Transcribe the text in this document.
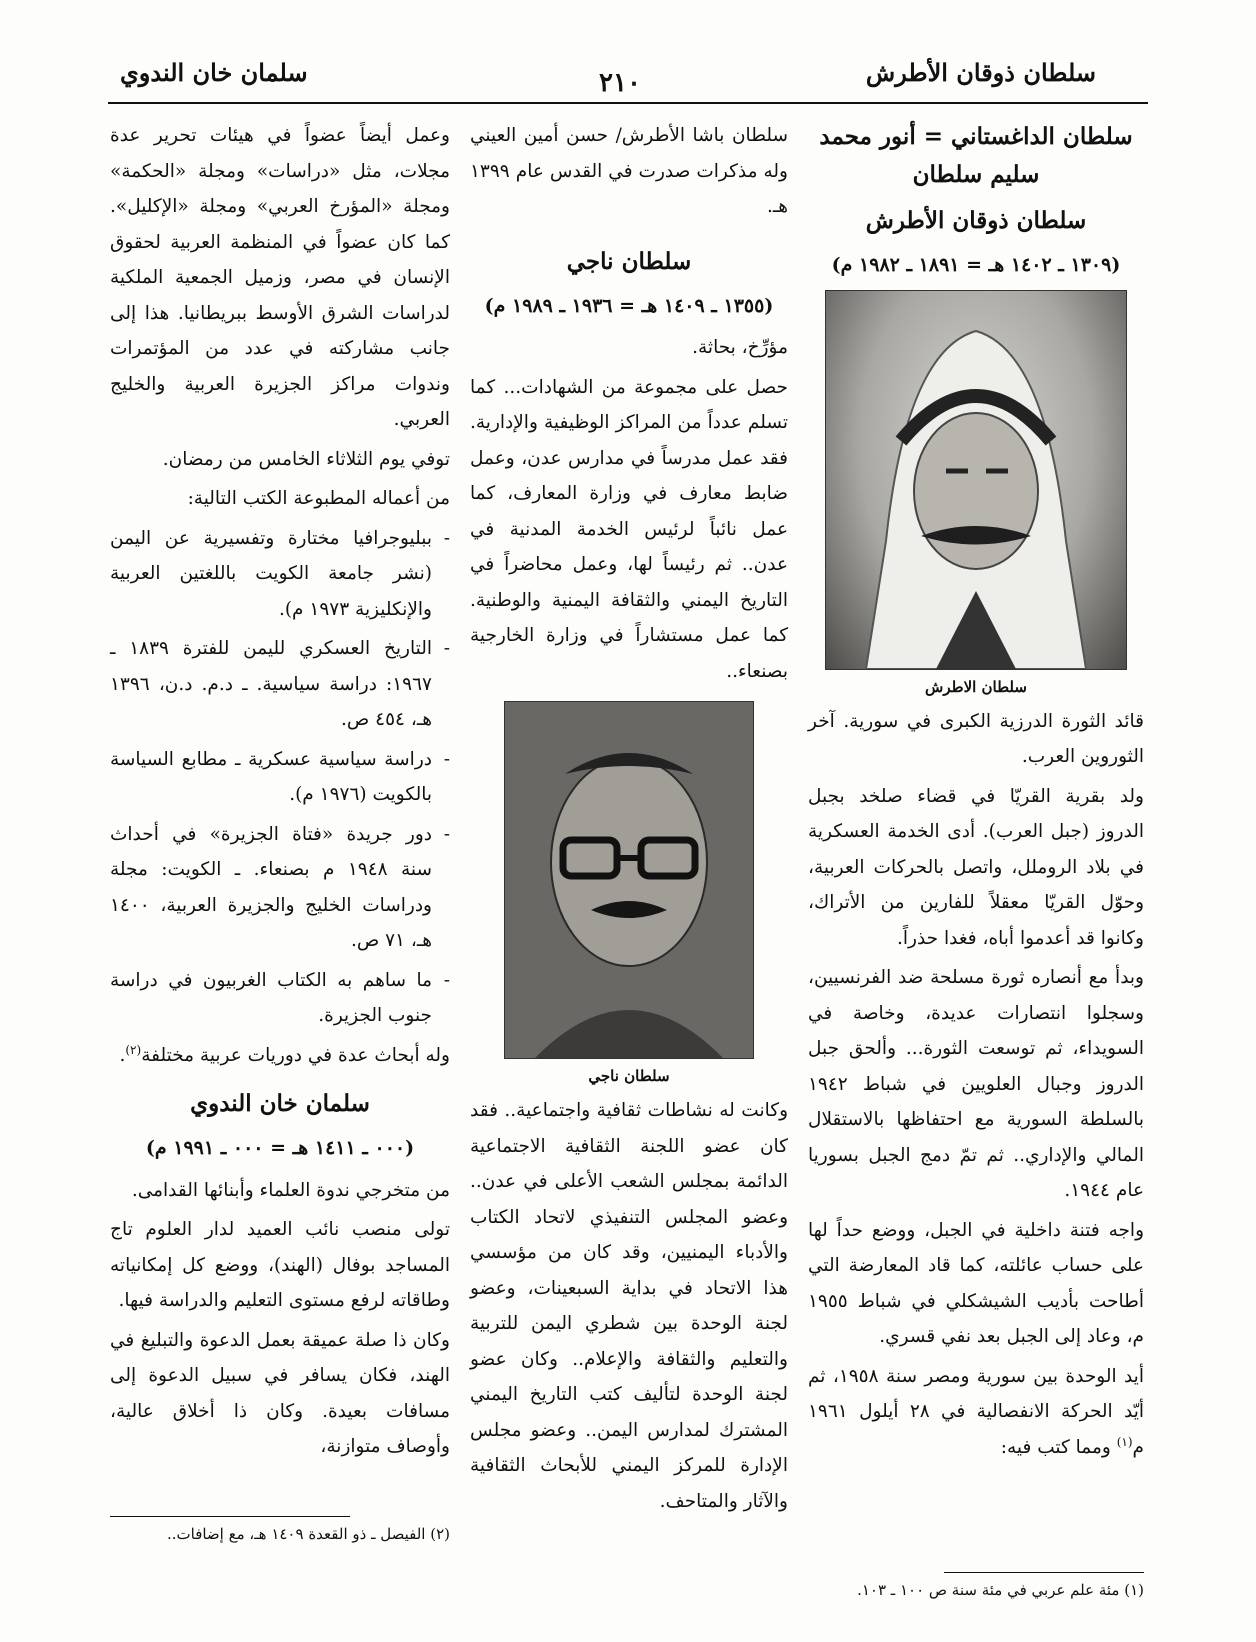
سلطان ذوقان الأطرش
٢١٠
سلمان خان الندوي
سلطان الداغستاني = أنور محمد سليم سلطان
سلطان ذوقان الأطرش
(١٣٠٩ ـ ١٤٠٢ هـ = ١٨٩١ ـ ١٩٨٢ م)
سلطان الاطرش

قائد الثورة الدرزية الكبرى في سورية. آخر الثوروين العرب.

ولد بقرية القريّا في قضاء صلخد بجبل الدروز (جبل العرب). أدى الخدمة العسكرية في بلاد الروملل، واتصل بالحركات العربية، وحوّل القريّا معقلاً للفارين من الأتراك، وكانوا قد أعدموا أباه، فغدا حذراً.

وبدأ مع أنصاره ثورة مسلحة ضد الفرنسيين، وسجلوا انتصارات عديدة، وخاصة في السويداء، ثم توسعت الثورة... وألحق جبل الدروز وجبال العلويين في شباط ١٩٤٢ بالسلطة السورية مع احتفاظها بالاستقلال المالي والإداري.. ثم تمّ دمج الجبل بسوريا عام ١٩٤٤.

واجه فتنة داخلية في الجبل، ووضع حداً لها على حساب عائلته، كما قاد المعارضة التي أطاحت بأديب الشيشكلي في شباط ١٩٥٥ م، وعاد إلى الجبل بعد نفي قسري.

أيد الوحدة بين سورية ومصر سنة ١٩٥٨، ثم أيّد الحركة الانفصالية في ٢٨ أيلول ١٩٦١ م$^{(١)}$ ومما كتب فيه:

(١) مئة علم عربي في مئة سنة ص ١٠٠ ـ ١٠٣.

سلطان باشا الأطرش/ حسن أمين العيني وله مذكرات صدرت في القدس عام ١٣٩٩ هـ.

سلطان ناجي
(١٣٥٥ ـ ١٤٠٩ هـ = ١٩٣٦ ـ ١٩٨٩ م)

مؤرِّخ، بحاثة.

حصل على مجموعة من الشهادات... كما تسلم عدداً من المراكز الوظيفية والإدارية. فقد عمل مدرساً في مدارس عدن، وعمل ضابط معارف في وزارة المعارف، كما عمل نائباً لرئيس الخدمة المدنية في عدن.. ثم رئيساً لها، وعمل محاضراً في التاريخ اليمني والثقافة اليمنية والوطنية. كما عمل مستشاراً في وزارة الخارجية بصنعاء..

سلطان ناجي

وكانت له نشاطات ثقافية واجتماعية.. فقد كان عضو اللجنة الثقافية الاجتماعية الدائمة بمجلس الشعب الأعلى في عدن.. وعضو المجلس التنفيذي لاتحاد الكتاب والأدباء اليمنيين، وقد كان من مؤسسي هذا الاتحاد في بداية السبعينات، وعضو لجنة الوحدة بين شطري اليمن للتربية والتعليم والثقافة والإعلام.. وكان عضو لجنة الوحدة لتأليف كتب التاريخ اليمني المشترك لمدارس اليمن.. وعضو مجلس الإدارة للمركز اليمني للأبحاث الثقافية والآثار والمتاحف.

وعمل أيضاً عضواً في هيئات تحرير عدة مجلات، مثل «دراسات» ومجلة «الحكمة» ومجلة «المؤرخ العربي» ومجلة «الإكليل». كما كان عضواً في المنظمة العربية لحقوق الإنسان في مصر، وزميل الجمعية الملكية لدراسات الشرق الأوسط ببريطانيا. هذا إلى جانب مشاركته في عدد من المؤتمرات وندوات مراكز الجزيرة العربية والخليج العربي.

توفي يوم الثلاثاء الخامس من رمضان.

من أعماله المطبوعة الكتب التالية:

- ببليوجرافيا مختارة وتفسيرية عن اليمن (نشر جامعة الكويت باللغتين العربية والإنكليزية ١٩٧٣ م).
- التاريخ العسكري لليمن للفترة ١٨٣٩ ـ ١٩٦٧: دراسة سياسية. ـ د.م. د.ن، ١٣٩٦ هـ، ٤٥٤ ص.
- دراسة سياسية عسكرية ـ مطابع السياسة بالكويت (١٩٧٦ م).
- دور جريدة «فتاة الجزيرة» في أحداث سنة ١٩٤٨ م بصنعاء. ـ الكويت: مجلة ودراسات الخليج والجزيرة العربية، ١٤٠٠ هـ، ٧١ ص.
- ما ساهم به الكتاب الغربيون في دراسة جنوب الجزيرة.

وله أبحاث عدة في دوريات عربية مختلفة$^{(٢)}$.

سلمان خان الندوي
(٠٠٠ ـ ١٤١١ هـ = ٠٠٠ ـ ١٩٩١ م)

من متخرجي ندوة العلماء وأبنائها القدامى.

تولى منصب نائب العميد لدار العلوم تاج المساجد بوفال (الهند)، ووضع كل إمكانياته وطاقاته لرفع مستوى التعليم والدراسة فيها.

وكان ذا صلة عميقة بعمل الدعوة والتبليغ في الهند، فكان يسافر في سبيل الدعوة إلى مسافات بعيدة. وكان ذا أخلاق عالية، وأوصاف متوازنة،

(٢) الفيصل ـ ذو القعدة ١٤٠٩ هـ، مع إضافات..
